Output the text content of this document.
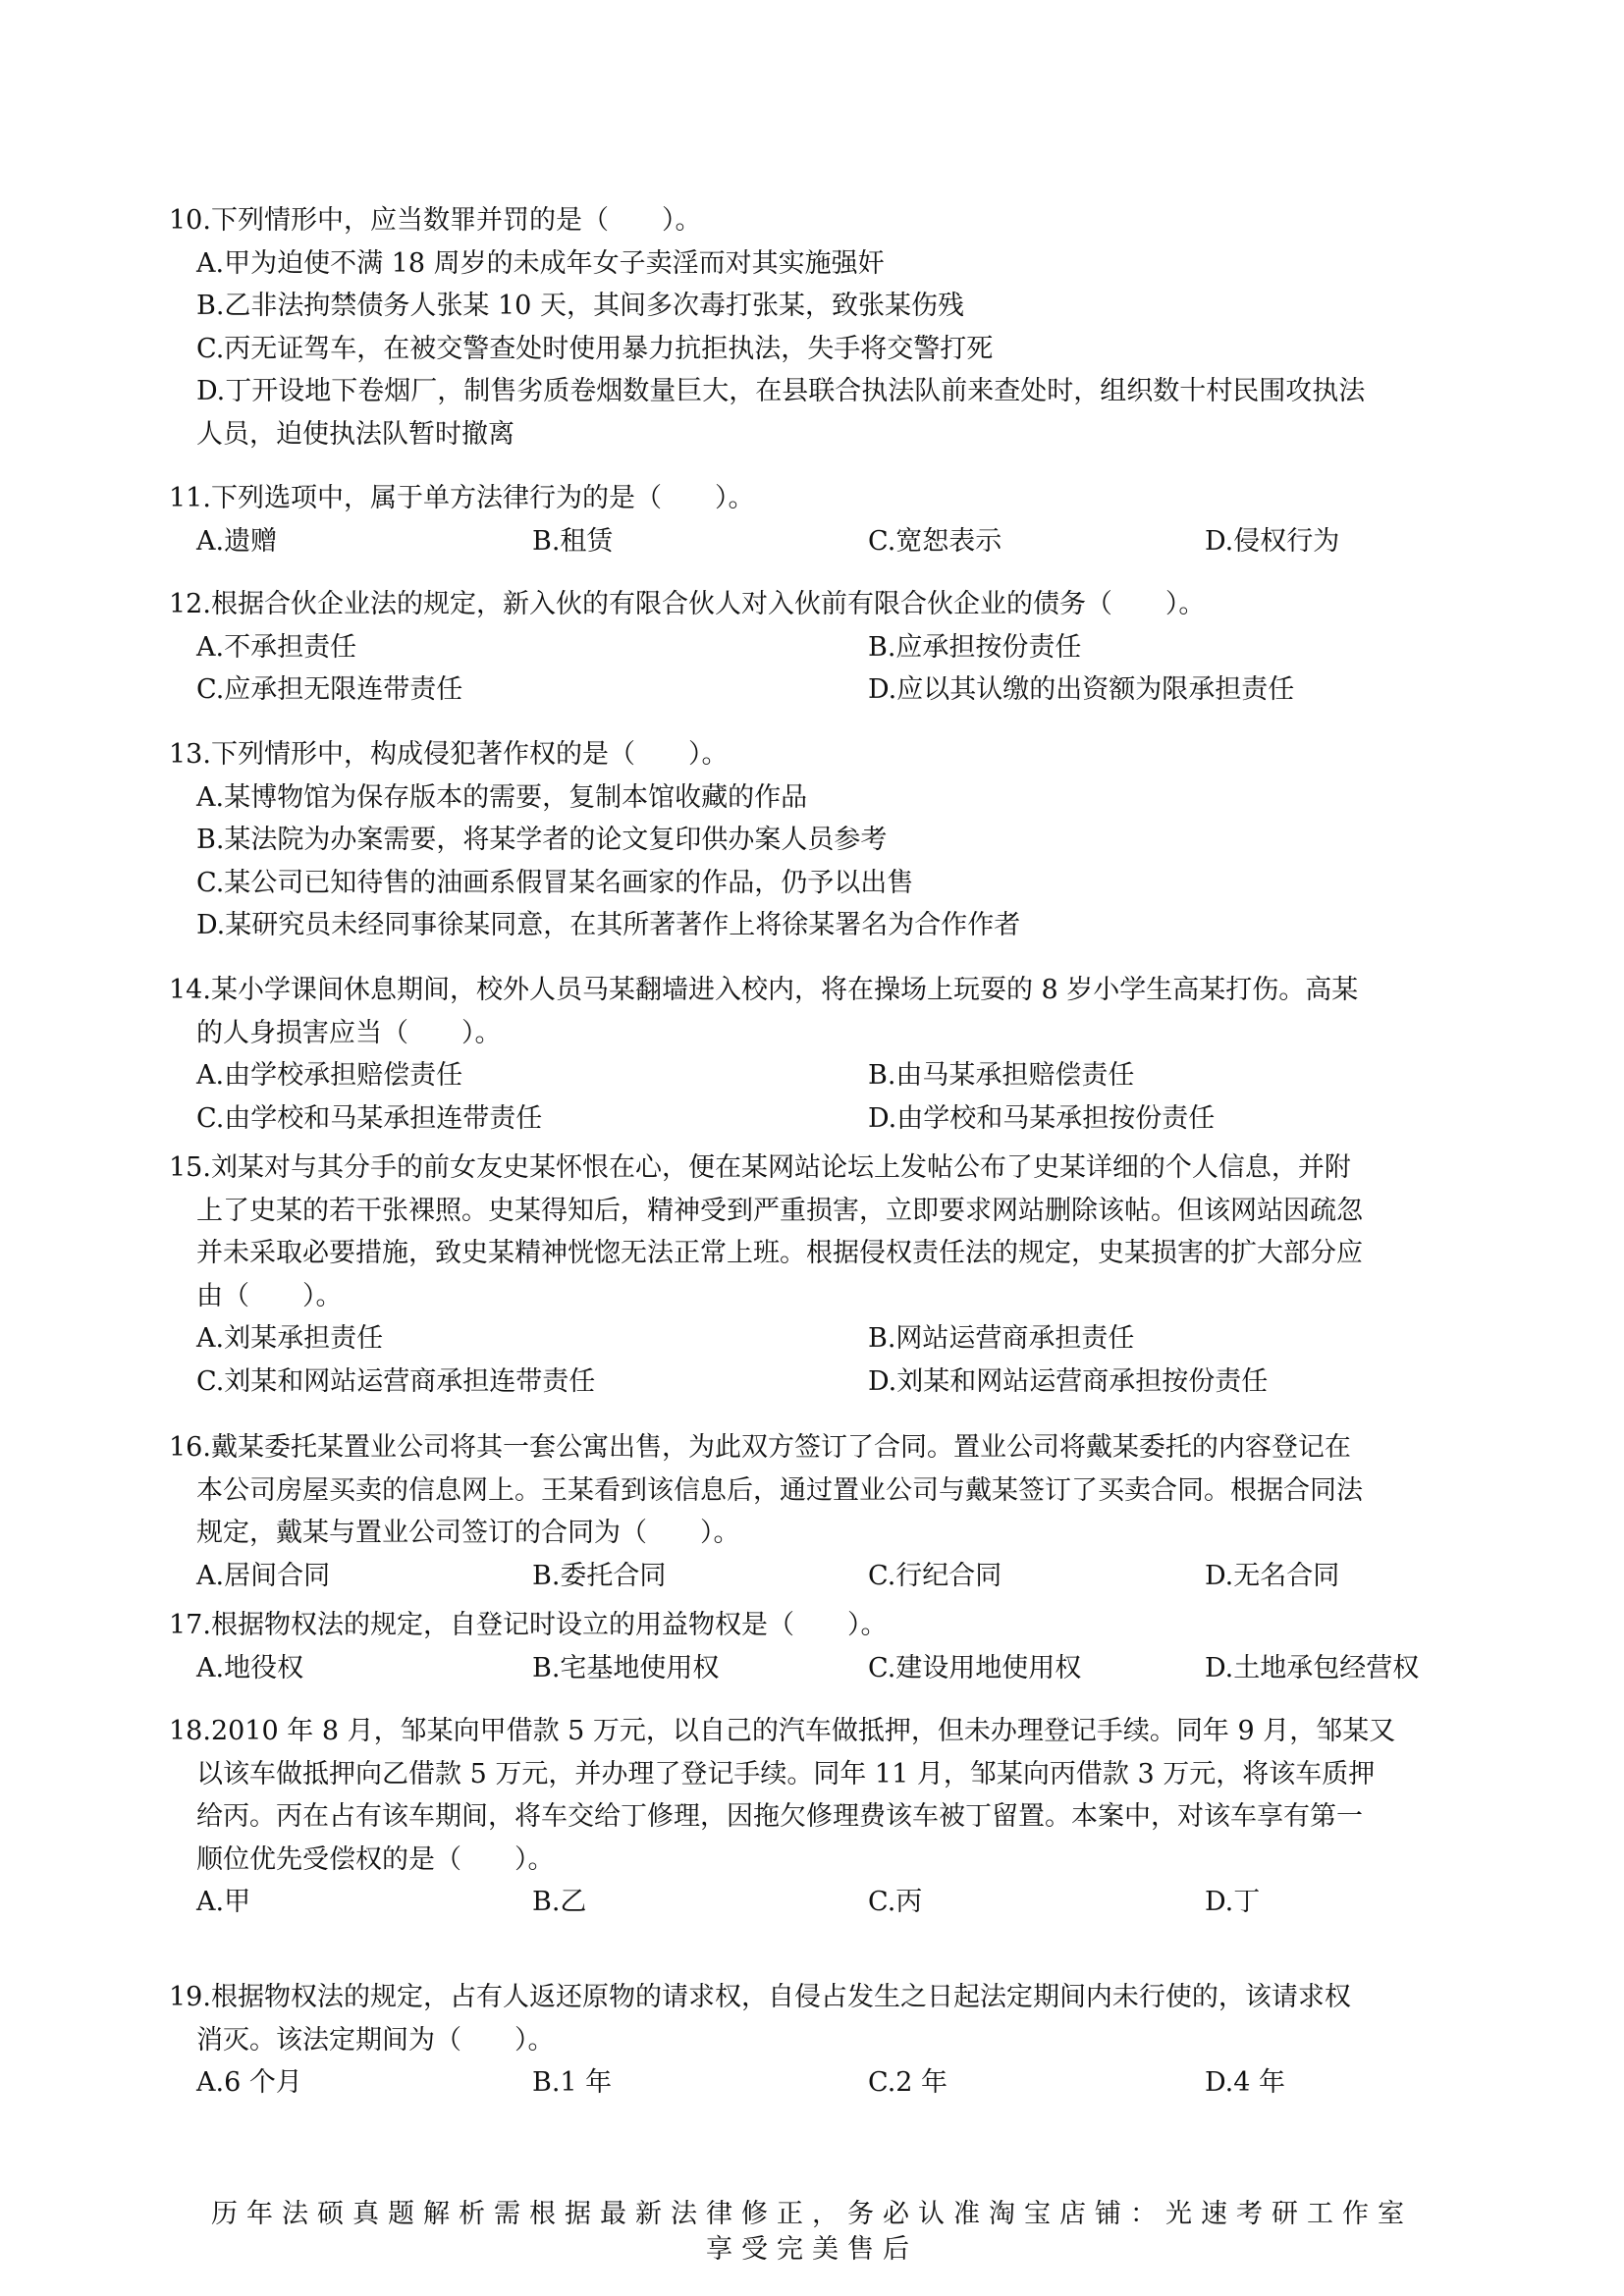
10.下列情形中，应当数罪并罚的是（　　）。
A.甲为迫使不满 18 周岁的未成年女子卖淫而对其实施强奸
B.乙非法拘禁债务人张某 10 天，其间多次毒打张某，致张某伤残
C.丙无证驾车，在被交警查处时使用暴力抗拒执法，失手将交警打死
D.丁开设地下卷烟厂，制售劣质卷烟数量巨大，在县联合执法队前来查处时，组织数十村民围攻执法
人员，迫使执法队暂时撤离
11.下列选项中，属于单方法律行为的是（　　）。
A.遗赠	B.租赁	C.宽恕表示	D.侵权行为
12.根据合伙企业法的规定，新入伙的有限合伙人对入伙前有限合伙企业的债务（　　）。
A.不承担责任	B.应承担按份责任
C.应承担无限连带责任	D.应以其认缴的出资额为限承担责任
13.下列情形中，构成侵犯著作权的是（　　）。
A.某博物馆为保存版本的需要，复制本馆收藏的作品
B.某法院为办案需要，将某学者的论文复印供办案人员参考
C.某公司已知待售的油画系假冒某名画家的作品，仍予以出售
D.某研究员未经同事徐某同意，在其所著著作上将徐某署名为合作作者
14.某小学课间休息期间，校外人员马某翻墙进入校内，将在操场上玩耍的 8 岁小学生高某打伤。高某
的人身损害应当（　　）。
A.由学校承担赔偿责任	B.由马某承担赔偿责任
C.由学校和马某承担连带责任	D.由学校和马某承担按份责任
15.刘某对与其分手的前女友史某怀恨在心，便在某网站论坛上发帖公布了史某详细的个人信息，并附
上了史某的若干张裸照。史某得知后，精神受到严重损害，立即要求网站删除该帖。但该网站因疏忽
并未采取必要措施，致史某精神恍惚无法正常上班。根据侵权责任法的规定，史某损害的扩大部分应
由（　　）。
A.刘某承担责任	B.网站运营商承担责任
C.刘某和网站运营商承担连带责任	D.刘某和网站运营商承担按份责任
16.戴某委托某置业公司将其一套公寓出售，为此双方签订了合同。置业公司将戴某委托的内容登记在
本公司房屋买卖的信息网上。王某看到该信息后，通过置业公司与戴某签订了买卖合同。根据合同法
规定，戴某与置业公司签订的合同为（　　）。
A.居间合同	B.委托合同	C.行纪合同	D.无名合同
17.根据物权法的规定，自登记时设立的用益物权是（　　）。
A.地役权	B.宅基地使用权	C.建设用地使用权	D.土地承包经营权
18.2010 年 8 月，邹某向甲借款 5 万元，以自己的汽车做抵押，但未办理登记手续。同年 9 月，邹某又
以该车做抵押向乙借款 5 万元，并办理了登记手续。同年 11 月，邹某向丙借款 3 万元，将该车质押
给丙。丙在占有该车期间，将车交给丁修理，因拖欠修理费该车被丁留置。本案中，对该车享有第一
顺位优先受偿权的是（　　）。
A.甲	B.乙	C.丙	D.丁
19.根据物权法的规定，占有人返还原物的请求权，自侵占发生之日起法定期间内未行使的，该请求权
消灭。该法定期间为（　　）。
A.6 个月	B.1 年	C.2 年	D.4 年
历年法硕真题解析需根据最新法律修正，务必认准淘宝店铺：光速考研工作室
享受完美售后
